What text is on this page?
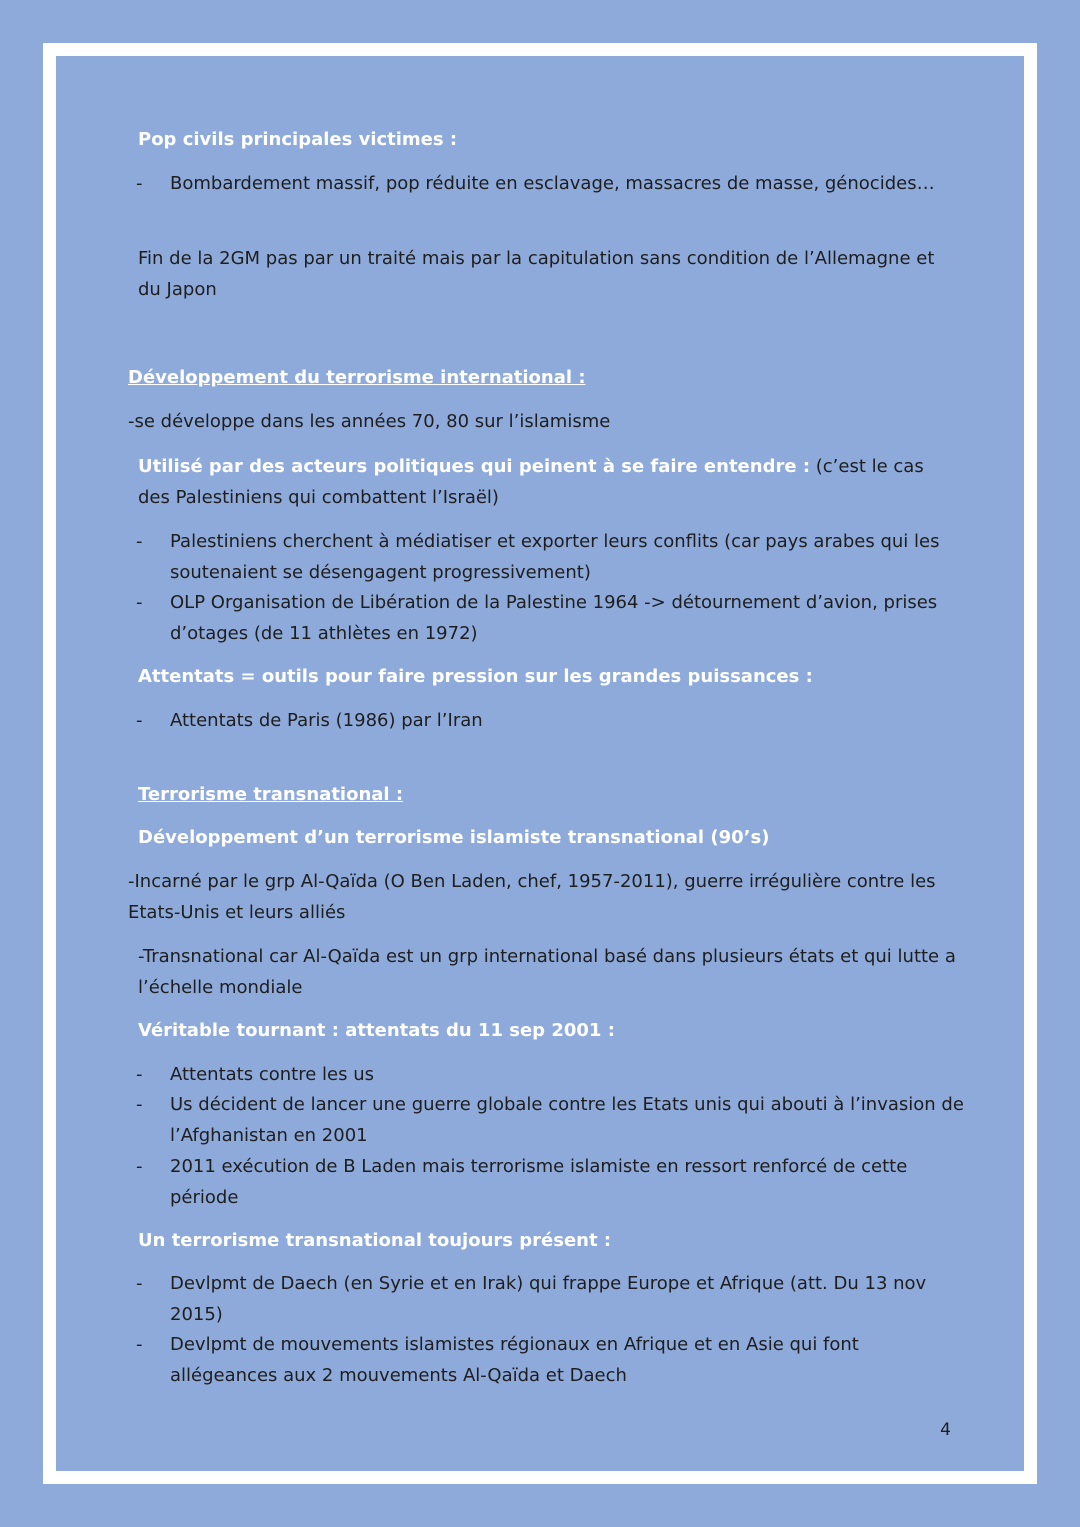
Pop civils principales victimes :

- Bombardement massif, pop réduite en esclavage, massacres de masse, génocides…

Fin de la 2GM pas par un traité mais par la capitulation sans condition de l’Allemagne et du Japon

Développement du terrorisme international :

-se développe dans les années 70, 80 sur l’islamisme

Utilisé par des acteurs politiques qui peinent à se faire entendre : (c’est le cas des Palestiniens qui combattent l’Israël)

- Palestiniens cherchent à médiatiser et exporter leurs conflits (car pays arabes qui les soutenaient se désengagent progressivement)
- OLP Organisation de Libération de la Palestine 1964 -> détournement d’avion, prises d’otages (de 11 athlètes en 1972)

Attentats = outils pour faire pression sur les grandes puissances :

- Attentats de Paris (1986) par l’Iran

Terrorisme transnational :

Développement d’un terrorisme islamiste transnational (90’s)

-Incarné par le grp Al-Qaïda (O Ben Laden, chef, 1957-2011), guerre irrégulière contre les Etats-Unis et leurs alliés

-Transnational car Al-Qaïda est un grp international basé dans plusieurs états et qui lutte a l’échelle mondiale

Véritable tournant : attentats du 11 sep 2001 :

- Attentats contre les us
- Us décident de lancer une guerre globale contre les Etats unis qui abouti à l’invasion de l’Afghanistan en 2001
- 2011 exécution de B Laden mais terrorisme islamiste en ressort renforcé de cette période

Un terrorisme transnational toujours présent :

- Devlpmt de Daech (en Syrie et en Irak) qui frappe Europe et Afrique (att. Du 13 nov 2015)
- Devlpmt de mouvements islamistes régionaux en Afrique et en Asie qui font allégeances aux 2 mouvements Al-Qaïda et Daech
4
